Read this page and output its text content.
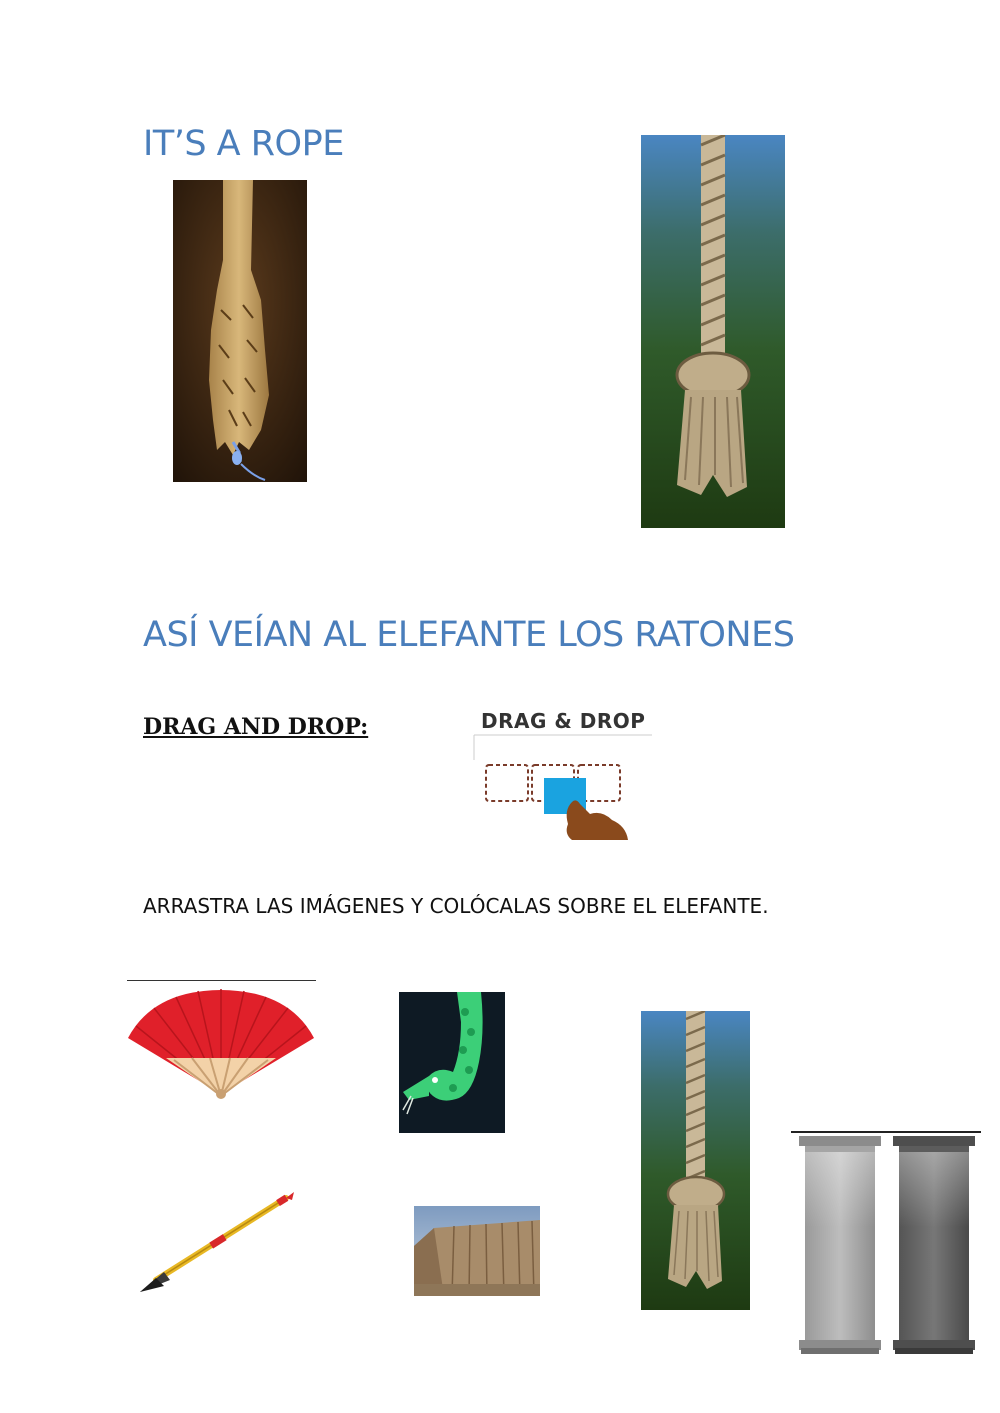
IT’S A ROPE
ASÍ VEÍAN AL ELEFANTE LOS RATONES
DRAG AND DROP:	DRAG & DROP
ARRASTRA LAS IMÁGENES Y COLÓCALAS SOBRE EL ELEFANTE.
